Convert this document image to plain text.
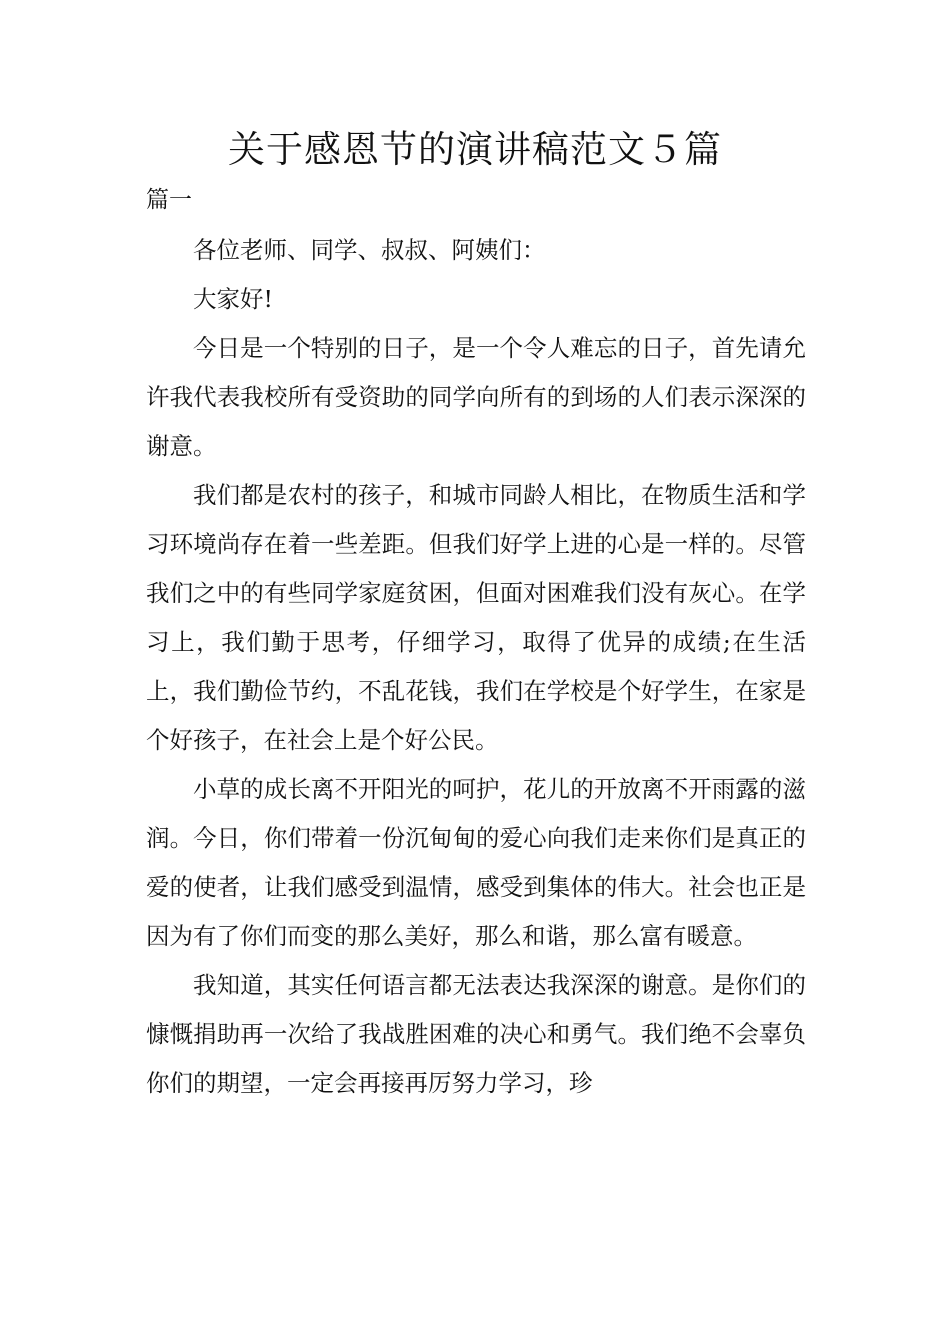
关于感恩节的演讲稿范文５篇
篇一

各位老师、同学、叔叔、阿姨们：

大家好!

今日是一个特别的日子，是一个令人难忘的日子，首先请允许我代表我校所有受资助的同学向所有的到场的人们表示深深的谢意。

我们都是农村的孩子，和城市同龄人相比，在物质生活和学习环境尚存在着一些差距。但我们好学上进的心是一样的。尽管我们之中的有些同学家庭贫困，但面对困难我们没有灰心。在学习上，我们勤于思考，仔细学习，取得了优异的成绩;在生活上，我们勤俭节约，不乱花钱，我们在学校是个好学生，在家是个好孩子，在社会上是个好公民。

小草的成长离不开阳光的呵护，花儿的开放离不开雨露的滋润。今日，你们带着一份沉甸甸的爱心向我们走来你们是真正的爱的使者，让我们感受到温情，感受到集体的伟大。社会也正是因为有了你们而变的那么美好，那么和谐，那么富有暖意。

我知道，其实任何语言都无法表达我深深的谢意。是你们的慷慨捐助再一次给了我战胜困难的决心和勇气。我们绝不会辜负你们的期望，一定会再接再厉努力学习，珍
